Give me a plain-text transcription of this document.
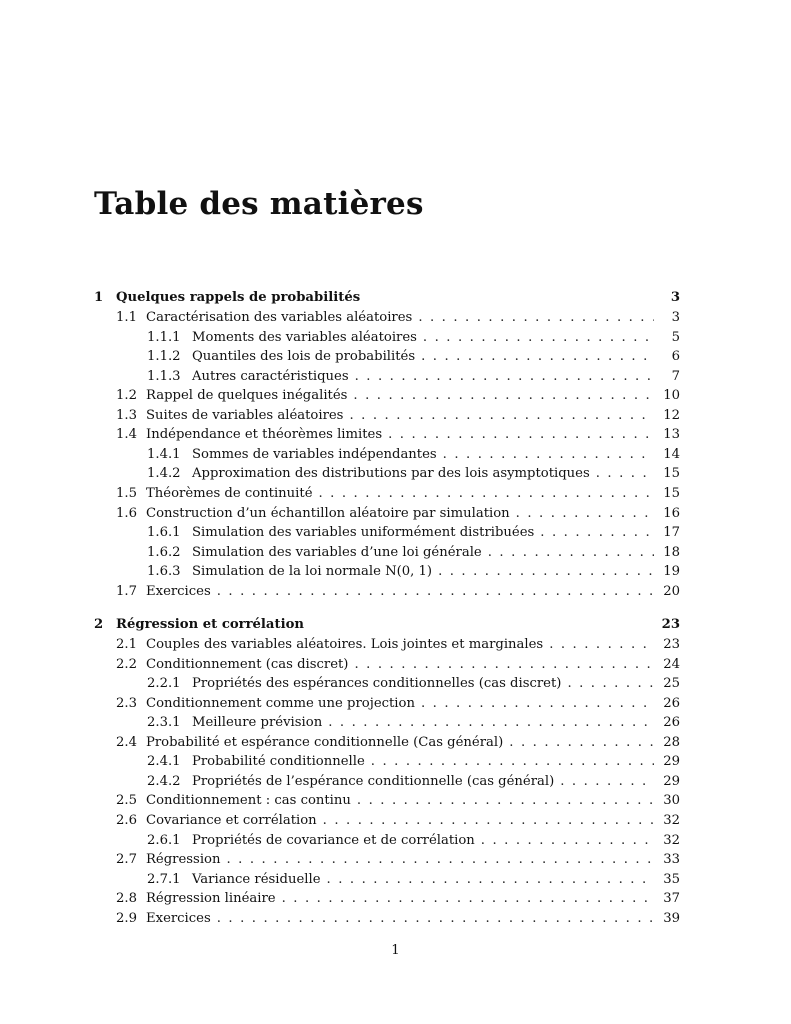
Table des matières
1 Quelques rappels de probabilités	3
1.1 Caractérisation des variables aléatoires . . .	3
1.1.1 Moments des variables aléatoires . . .	5
1.1.2 Quantiles des lois de probabilités . . .	6
1.1.3 Autres caractéristiques . . .	7
1.2 Rappel de quelques inégalités . . .	10
1.3 Suites de variables aléatoires . . .	12
1.4 Indépendance et théorèmes limites . . .	13
1.4.1 Sommes de variables indépendantes . . .	14
1.4.2 Approximation des distributions par des lois asymptotiques . . .	15
1.5 Théorèmes de continuité . . .	15
1.6 Construction d’un échantillon aléatoire par simulation . . .	16
1.6.1 Simulation des variables uniformément distribuées . . .	17
1.6.2 Simulation des variables d’une loi générale . . .	18
1.6.3 Simulation de la loi normale N(0, 1) . . .	19
1.7 Exercices . . .	20
2 Régression et corrélation	23
2.1 Couples des variables aléatoires. Lois jointes et marginales . . .	23
2.2 Conditionnement (cas discret) . . .	24
2.2.1 Propriétés des espérances conditionnelles (cas discret) . . .	25
2.3 Conditionnement comme une projection . . .	26
2.3.1 Meilleure prévision . . .	26
2.4 Probabilité et espérance conditionnelle (Cas général) . . .	28
2.4.1 Probabilité conditionnelle . . .	29
2.4.2 Propriétés de l’espérance conditionnelle (cas général) . . .	29
2.5 Conditionnement : cas continu . . .	30
2.6 Covariance et corrélation . . .	32
2.6.1 Propriétés de covariance et de corrélation . . .	32
2.7 Régression . . .	33
2.7.1 Variance résiduelle . . .	35
2.8 Régression linéaire . . .	37
2.9 Exercices . . .	39
1
